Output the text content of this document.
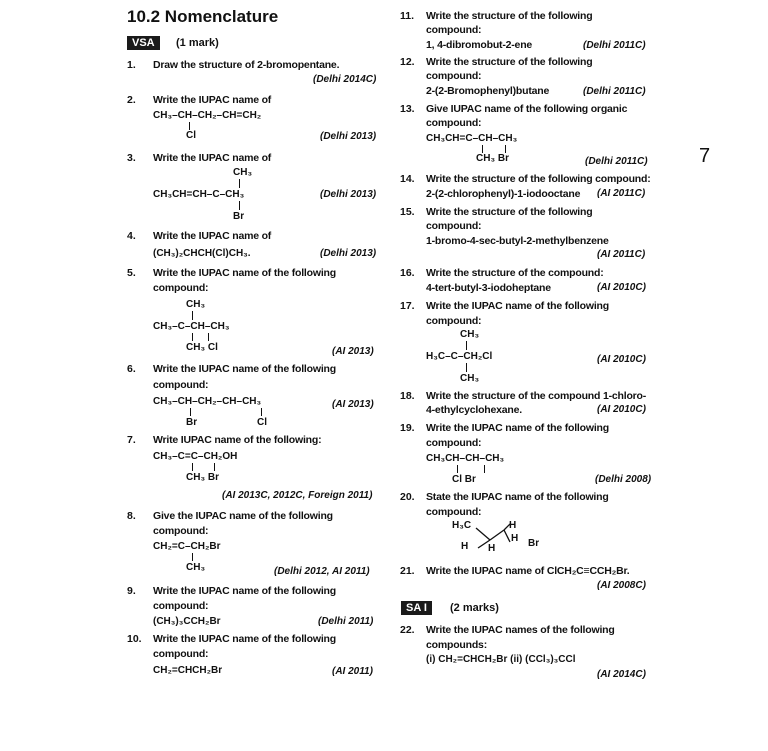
10.2 Nomenclature
VSA	(1 mark)
1. Draw the structure of 2-bromopentane.
(Delhi 2014C)
2. Write the IUPAC name of
CH₃–CH–CH₂–CH=CH₂
Cl	(Delhi 2013)
3. Write the IUPAC name of
CH₃
CH₃CH=CH–C–CH₃
Br
(Delhi 2013)
4. Write the IUPAC name of
(CH₃)₂CHCH(Cl)CH₃.	(Delhi 2013)
5. Write the IUPAC name of the following
compound:
CH₃
CH₃–C–CH–CH₃
CH₃ Cl	(AI 2013)
6. Write the IUPAC name of the following
compound:
CH₃–CH–CH₂–CH–CH₃
Br	Cl
(AI 2013)
7. Write IUPAC name of the following:
CH₃–C=C–CH₂OH
CH₃ Br
(AI 2013C, 2012C, Foreign 2011)
8. Give the IUPAC name of the following
compound:
CH₂=C–CH₂Br
CH₃	(Delhi 2012, AI 2011)
9. Write the IUPAC name of the following
compound:
(CH₃)₃CCH₂Br	(Delhi 2011)
10. Write the IUPAC name of the following
compound:
CH₂=CHCH₂Br	(AI 2011)
11. Write the structure of the following
compound:
1, 4-dibromobut-2-ene	(Delhi 2011C)
12. Write the structure of the following
compound:
2-(2-Bromophenyl)butane	(Delhi 2011C)
13. Give IUPAC name of the following organic
compound:
CH₃CH=C–CH–CH₃
CH₃ Br	(Delhi 2011C)
14. Write the structure of the following compound:
2-(2-chlorophenyl)-1-iodooctane (AI 2011C)
15. Write the structure of the following
compound:
1-bromo-4-sec-butyl-2-methylbenzene
(AI 2011C)
16. Write the structure of the compound:
4-tert-butyl-3-iodoheptane	(AI 2010C)
17. Write the IUPAC name of the following
compound:
CH₃
H₃C–C–CH₂Cl
CH₃
(AI 2010C)
18. Write the structure of the compound 1-chloro-
4-ethylcyclohexane.	(AI 2010C)
19. Write the IUPAC name of the following
compound:
CH₃CH–CH–CH₃
Cl Br	(Delhi 2008)
20. State the IUPAC name of the following
compound:
H₃C	H
H
H H	Br
21. Write the IUPAC name of ClCH₂C≡CCH₂Br.
(AI 2008C)
SA I	(2 marks)
22. Write the IUPAC names of the following
compounds:
(i) CH₂=CHCH₂Br (ii) (CCl₃)₃CCl
(AI 2014C)
7
